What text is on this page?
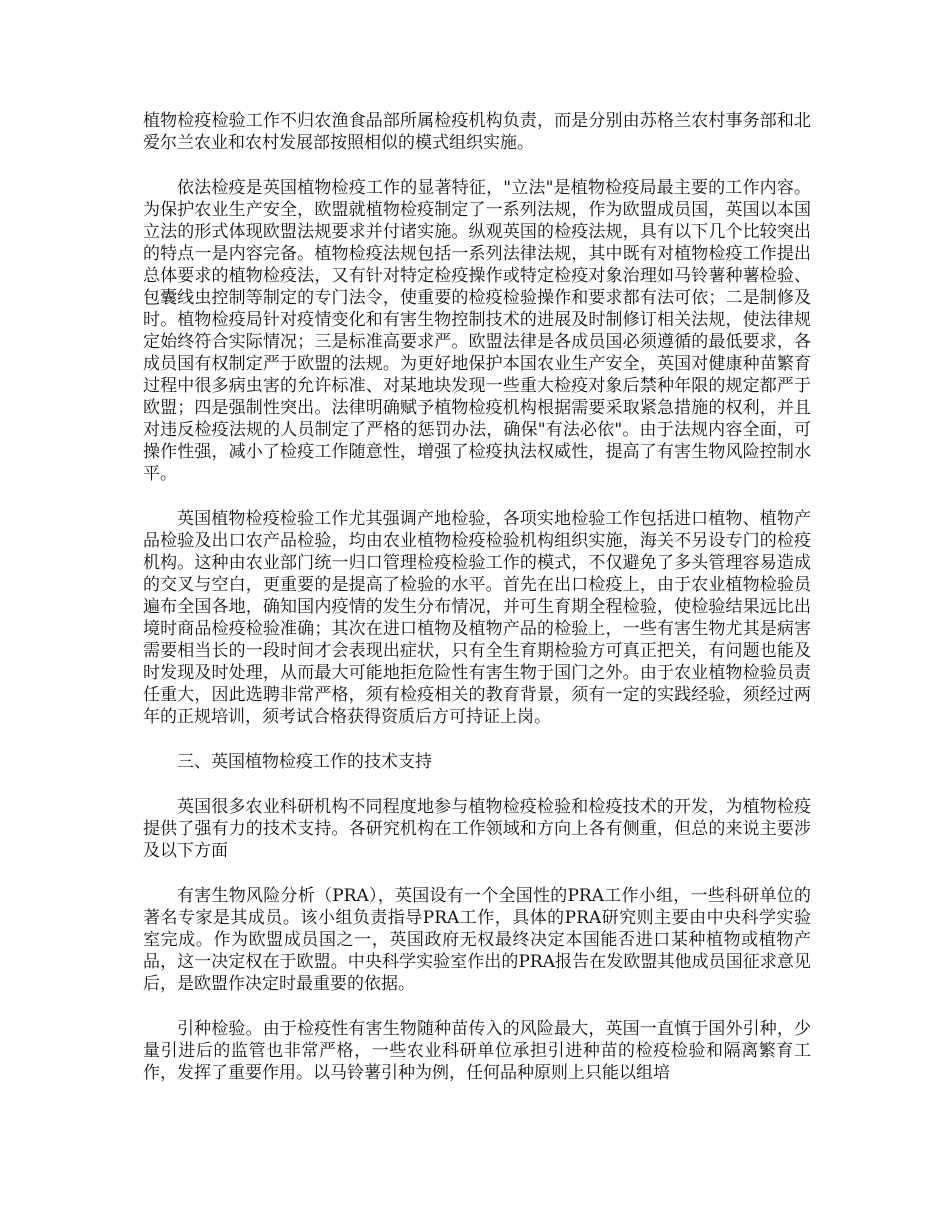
植物检疫检验工作不归农渔食品部所属检疫机构负责，而是分别由苏格兰农村事务部和北爱尔兰农业和农村发展部按照相似的模式组织实施。

依法检疫是英国植物检疫工作的显著特征，"立法"是植物检疫局最主要的工作内容。为保护农业生产安全，欧盟就植物检疫制定了一系列法规，作为欧盟成员国，英国以本国立法的形式体现欧盟法规要求并付诸实施。纵观英国的检疫法规，具有以下几个比较突出的特点一是内容完备。植物检疫法规包括一系列法律法规，其中既有对植物检疫工作提出总体要求的植物检疫法，又有针对特定检疫操作或特定检疫对象治理如马铃薯种薯检验、包囊线虫控制等制定的专门法令，使重要的检疫检验操作和要求都有法可依；二是制修及时。植物检疫局针对疫情变化和有害生物控制技术的进展及时制修订相关法规，使法律规定始终符合实际情况；三是标准高要求严。欧盟法律是各成员国必须遵循的最低要求，各成员国有权制定严于欧盟的法规。为更好地保护本国农业生产安全，英国对健康种苗繁育过程中很多病虫害的允许标准、对某地块发现一些重大检疫对象后禁种年限的规定都严于欧盟；四是强制性突出。法律明确赋予植物检疫机构根据需要采取紧急措施的权利，并且对违反检疫法规的人员制定了严格的惩罚办法，确保"有法必依"。由于法规内容全面，可操作性强，减小了检疫工作随意性，增强了检疫执法权威性，提高了有害生物风险控制水平。

英国植物检疫检验工作尤其强调产地检验，各项实地检验工作包括进口植物、植物产品检验及出口农产品检验，均由农业植物检疫检验机构组织实施，海关不另设专门的检疫机构。这种由农业部门统一归口管理检疫检验工作的模式，不仅避免了多头管理容易造成的交叉与空白，更重要的是提高了检验的水平。首先在出口检疫上，由于农业植物检验员遍布全国各地，确知国内疫情的发生分布情况，并可生育期全程检验，使检验结果远比出境时商品检疫检验准确；其次在进口植物及植物产品的检验上，一些有害生物尤其是病害需要相当长的一段时间才会表现出症状，只有全生育期检验方可真正把关，有问题也能及时发现及时处理，从而最大可能地拒危险性有害生物于国门之外。由于农业植物检验员责任重大，因此选聘非常严格，须有检疫相关的教育背景，须有一定的实践经验，须经过两年的正规培训，须考试合格获得资质后方可持证上岗。

三、英国植物检疫工作的技术支持

英国很多农业科研机构不同程度地参与植物检疫检验和检疫技术的开发，为植物检疫提供了强有力的技术支持。各研究机构在工作领域和方向上各有侧重，但总的来说主要涉及以下方面

有害生物风险分析（PRA），英国设有一个全国性的PRA工作小组，一些科研单位的著名专家是其成员。该小组负责指导PRA工作，具体的PRA研究则主要由中央科学实验室完成。作为欧盟成员国之一，英国政府无权最终决定本国能否进口某种植物或植物产品，这一决定权在于欧盟。中央科学实验室作出的PRA报告在发欧盟其他成员国征求意见后，是欧盟作决定时最重要的依据。

引种检验。由于检疫性有害生物随种苗传入的风险最大，英国一直慎于国外引种，少量引进后的监管也非常严格，一些农业科研单位承担引进种苗的检疫检验和隔离繁育工作，发挥了重要作用。以马铃薯引种为例，任何品种原则上只能以组培
